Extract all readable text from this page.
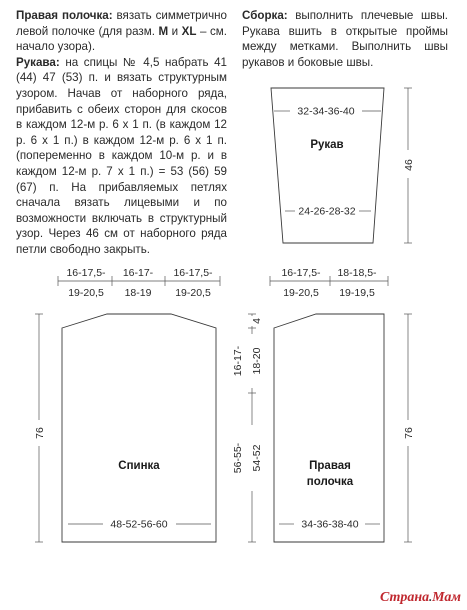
Правая полочка: вязать симметрично левой полочке (для разм. M и XL – см. начало узора).

Рукава: на спицы № 4,5 набрать 41 (44) 47 (53) п. и вязать структурным узором. Начав от наборного ряда, прибавить с обеих сторон для скосов в каждом 12-м р. 6 х 1 п. (в каждом 12 р. 6 х 1 п.) в каждом 12-м р. 6 х 1 п. (попеременно в каждом 10-м р. и в каждом 12-м р. 7 х 1 п.) = 53 (56) 59 (67) п. На прибавляемых петлях сначала вязать лицевыми и по возможности включать в структурный узор. Через 46 см от наборного ряда петли свободно закрыть.

Сборка: выполнить плечевые швы. Рукава вшить в открытые проймы между метками. Выполнить швы рукавов и боковые швы.

32-34-36-40
Рукав
24-26-28-32
46
16-17,5-
19-20,5
16-17-
18-19
16-17,5-
19-20,5
Спинка
48-52-56-60
76
16-17,5-
19-20,5
18-18,5-
19-19,5
Правая
полочка
34-36-38-40
76
4
16-17- 18-20
56-55- 54-52
Страна.Мам
